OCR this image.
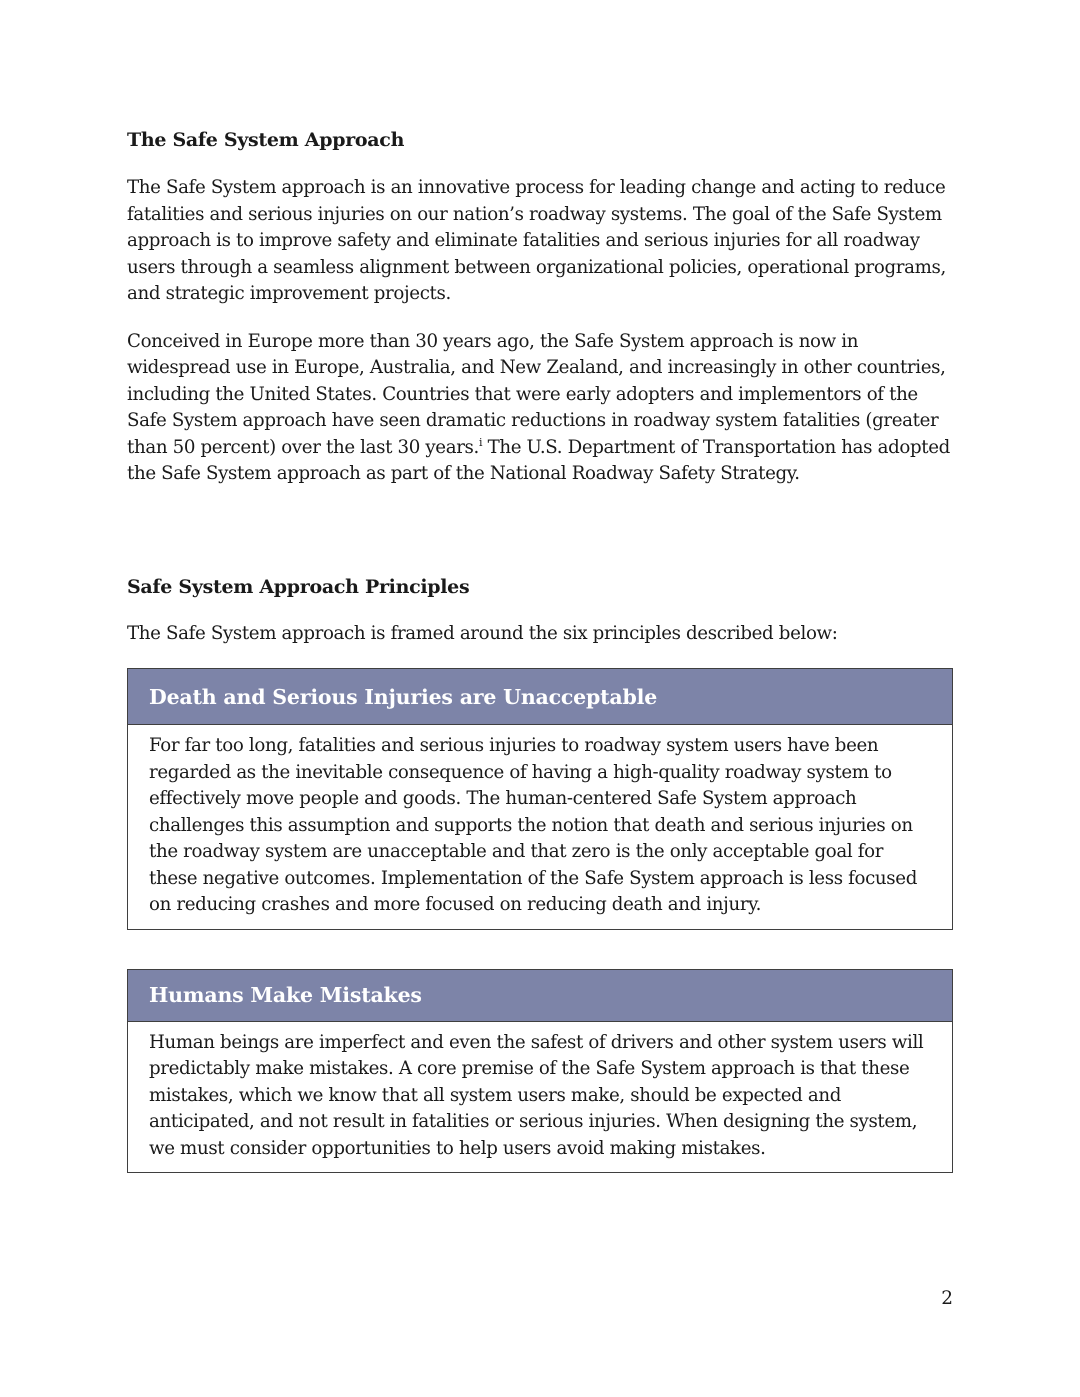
The Safe System Approach

The Safe System approach is an innovative process for leading change and acting to reduce fatalities and serious injuries on our nation’s roadway systems. The goal of the Safe System approach is to improve safety and eliminate fatalities and serious injuries for all roadway users through a seamless alignment between organizational policies, operational programs, and strategic improvement projects.

Conceived in Europe more than 30 years ago, the Safe System approach is now in widespread use in Europe, Australia, and New Zealand, and increasingly in other countries, including the United States. Countries that were early adopters and implementors of the Safe System approach have seen dramatic reductions in roadway system fatalities (greater than 50 percent) over the last 30 years.$^i$ The U.S. Department of Transportation has adopted the Safe System approach as part of the National Roadway Safety Strategy.

Safe System Approach Principles

The Safe System approach is framed around the six principles described below:

Death and Serious Injuries are Unacceptable

For far too long, fatalities and serious injuries to roadway system users have been regarded as the inevitable consequence of having a high-quality roadway system to effectively move people and goods. The human-centered Safe System approach challenges this assumption and supports the notion that death and serious injuries on the roadway system are unacceptable and that zero is the only acceptable goal for these negative outcomes. Implementation of the Safe System approach is less focused on reducing crashes and more focused on reducing death and injury.

Humans Make Mistakes

Human beings are imperfect and even the safest of drivers and other system users will predictably make mistakes. A core premise of the Safe System approach is that these mistakes, which we know that all system users make, should be expected and anticipated, and not result in fatalities or serious injuries. When designing the system, we must consider opportunities to help users avoid making mistakes.

2
